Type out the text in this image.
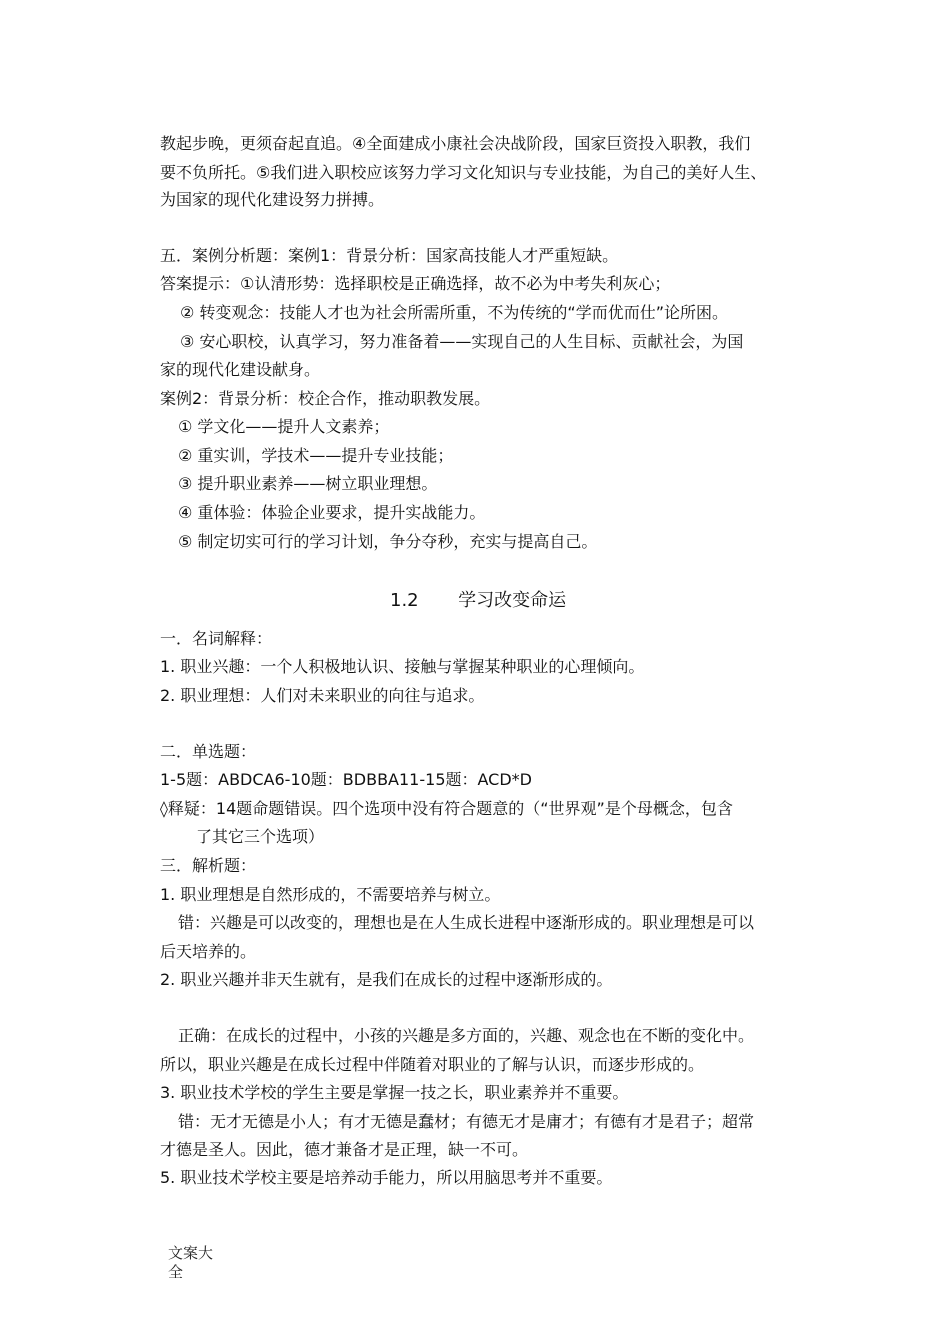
教起步晚，更须奋起直追。④全面建成小康社会决战阶段，国家巨资投入职教，我们
要不负所托。⑤我们进入职校应该努力学习文化知识与专业技能，为自己的美好人生、
为国家的现代化建设努力拼搏。
五．案例分析题：案例1：背景分析：国家高技能人才严重短缺。
答案提示：①认清形势：选择职校是正确选择，故不必为中考失利灰心；
② 转变观念：技能人才也为社会所需所重，不为传统的“学而优而仕”论所困。
③ 安心职校，认真学习，努力准备着——实现自己的人生目标、贡献社会，为国
家的现代化建设献身。
案例2：背景分析：校企合作，推动职教发展。
① 学文化——提升人文素养；
② 重实训，学技术——提升专业技能；
③ 提升职业素养——树立职业理想。
④ 重体验：体验企业要求，提升实战能力。
⑤ 制定切实可行的学习计划，争分夺秒，充实与提高自己。
1.2 学习改变命运
一．名词解释：
1. 职业兴趣：一个人积极地认识、接触与掌握某种职业的心理倾向。
2. 职业理想：人们对未来职业的向往与追求。
二．单选题：
1-5题：ABDCA6-10题：BDBBA11-15题：ACD*D
◊释疑：14题命题错误。四个选项中没有符合题意的（“世界观”是个母概念，包含
了其它三个选项）
三．解析题：
1. 职业理想是自然形成的，不需要培养与树立。
错：兴趣是可以改变的，理想也是在人生成长进程中逐渐形成的。职业理想是可以
后天培养的。
2. 职业兴趣并非天生就有，是我们在成长的过程中逐渐形成的。
正确：在成长的过程中，小孩的兴趣是多方面的，兴趣、观念也在不断的变化中。
所以，职业兴趣是在成长过程中伴随着对职业的了解与认识，而逐步形成的。
3. 职业技术学校的学生主要是掌握一技之长，职业素养并不重要。
错：无才无德是小人；有才无德是蠢材；有德无才是庸才；有德有才是君子；超常
才德是圣人。因此，德才兼备才是正理，缺一不可。
5. 职业技术学校主要是培养动手能力，所以用脑思考并不重要。
文案大
全
